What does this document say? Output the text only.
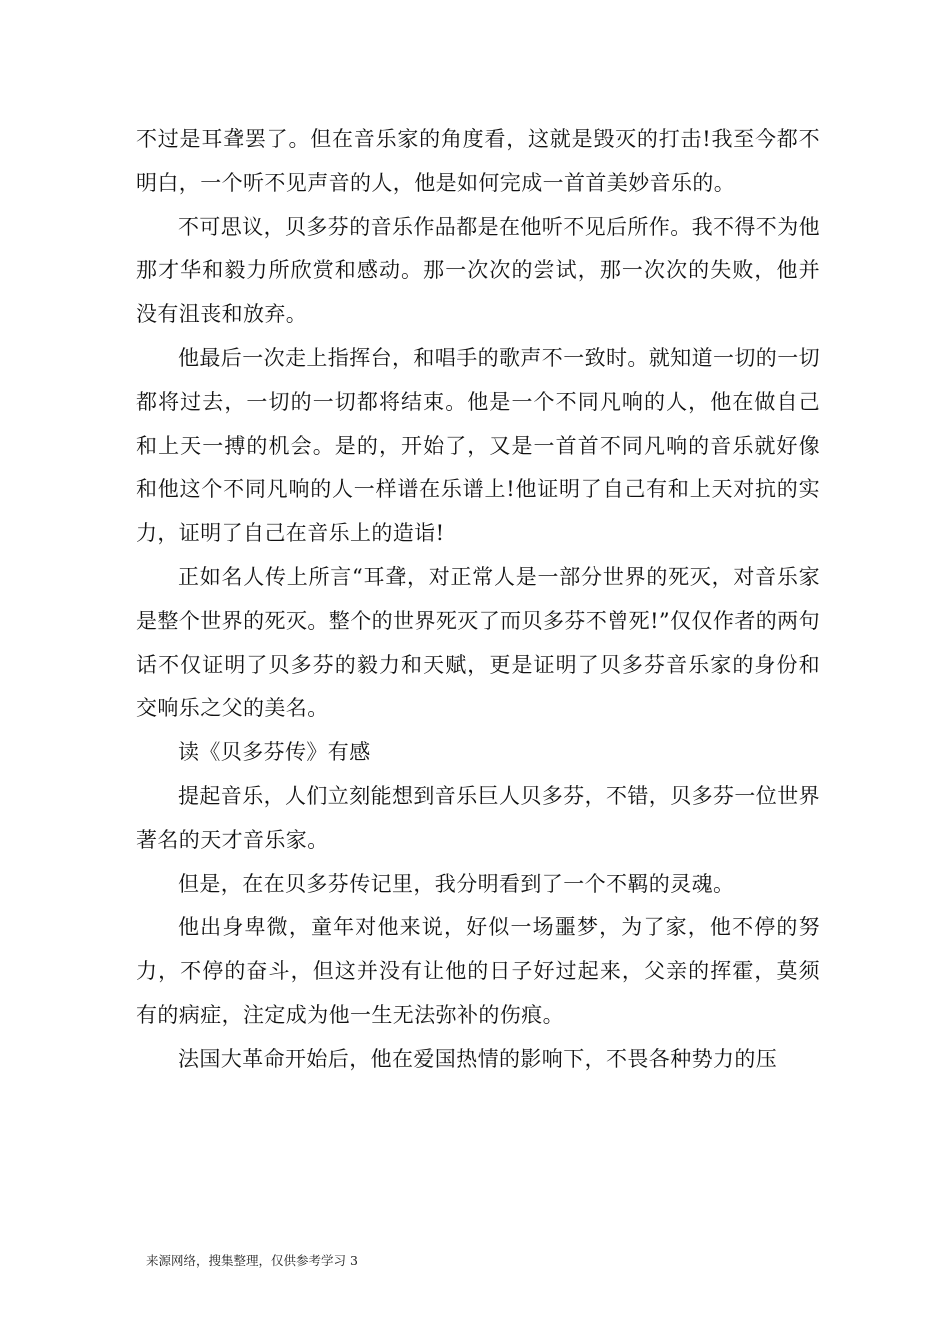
不过是耳聋罢了。但在音乐家的角度看，这就是毁灭的打击!我至今都不明白，一个听不见声音的人，他是如何完成一首首美妙音乐的。

不可思议，贝多芬的音乐作品都是在他听不见后所作。我不得不为他那才华和毅力所欣赏和感动。那一次次的尝试，那一次次的失败，他并没有沮丧和放弃。

他最后一次走上指挥台，和唱手的歌声不一致时。就知道一切的一切都将过去，一切的一切都将结束。他是一个不同凡响的人，他在做自己和上天一搏的机会。是的，开始了，又是一首首不同凡响的音乐就好像和他这个不同凡响的人一样谱在乐谱上!他证明了自己有和上天对抗的实力，证明了自己在音乐上的造诣!

正如名人传上所言“耳聋，对正常人是一部分世界的死灭，对音乐家是整个世界的死灭。整个的世界死灭了而贝多芬不曾死!”仅仅作者的两句话不仅证明了贝多芬的毅力和天赋，更是证明了贝多芬音乐家的身份和交响乐之父的美名。

读《贝多芬传》有感

提起音乐，人们立刻能想到音乐巨人贝多芬，不错，贝多芬一位世界著名的天才音乐家。

但是，在在贝多芬传记里，我分明看到了一个不羁的灵魂。

他出身卑微，童年对他来说，好似一场噩梦，为了家，他不停的努力，不停的奋斗，但这并没有让他的日子好过起来，父亲的挥霍，莫须有的病症，注定成为他一生无法弥补的伤痕。

法国大革命开始后，他在爱国热情的影响下，不畏各种势力的压

来源网络，搜集整理，仅供参考学习 3
